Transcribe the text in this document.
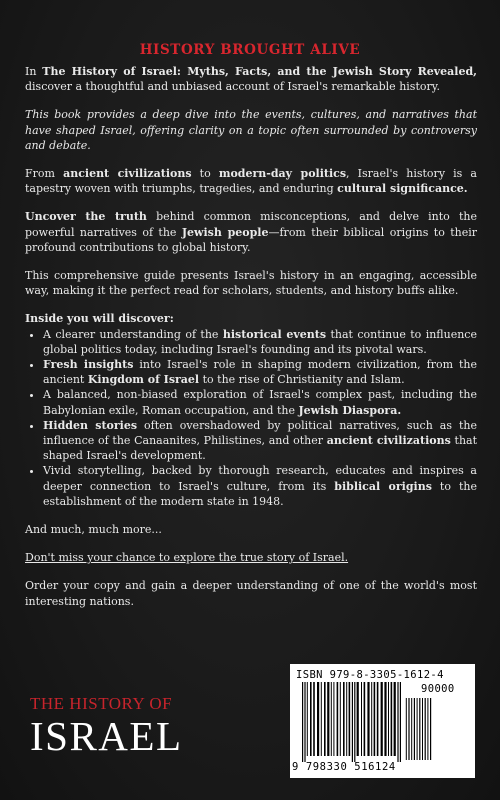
HISTORY BROUGHT ALIVE

In The History of Israel: Myths, Facts, and the Jewish Story Revealed, discover a thoughtful and unbiased account of Israel's remarkable history.

This book provides a deep dive into the events, cultures, and narratives that have shaped Israel, offering clarity on a topic often surrounded by controversy and debate.

From ancient civilizations to modern-day politics, Israel's history is a tapestry woven with triumphs, tragedies, and enduring cultural significance.

Uncover the truth behind common misconceptions, and delve into the powerful narratives of the Jewish people—from their biblical origins to their profound contributions to global history.

This comprehensive guide presents Israel's history in an engaging, accessible way, making it the perfect read for scholars, students, and history buffs alike.

Inside you will discover:

• A clearer understanding of the historical events that continue to influence global politics today, including Israel's founding and its pivotal wars.
• Fresh insights into Israel's role in shaping modern civilization, from the ancient Kingdom of Israel to the rise of Christianity and Islam.
• A balanced, non-biased exploration of Israel's complex past, including the Babylonian exile, Roman occupation, and the Jewish Diaspora.
• Hidden stories often overshadowed by political narratives, such as the influence of the Canaanites, Philistines, and other ancient civilizations that shaped Israel's development.
• Vivid storytelling, backed by thorough research, educates and inspires a deeper connection to Israel's culture, from its biblical origins to the establishment of the modern state in 1948.

And much, much more...

Don't miss your chance to explore the true story of Israel.

Order your copy and gain a deeper understanding of one of the world's most interesting nations.

THE HISTORY OF
ISRAEL
ISBN 979-8-3305-1612-4
90000
9 798330 516124
